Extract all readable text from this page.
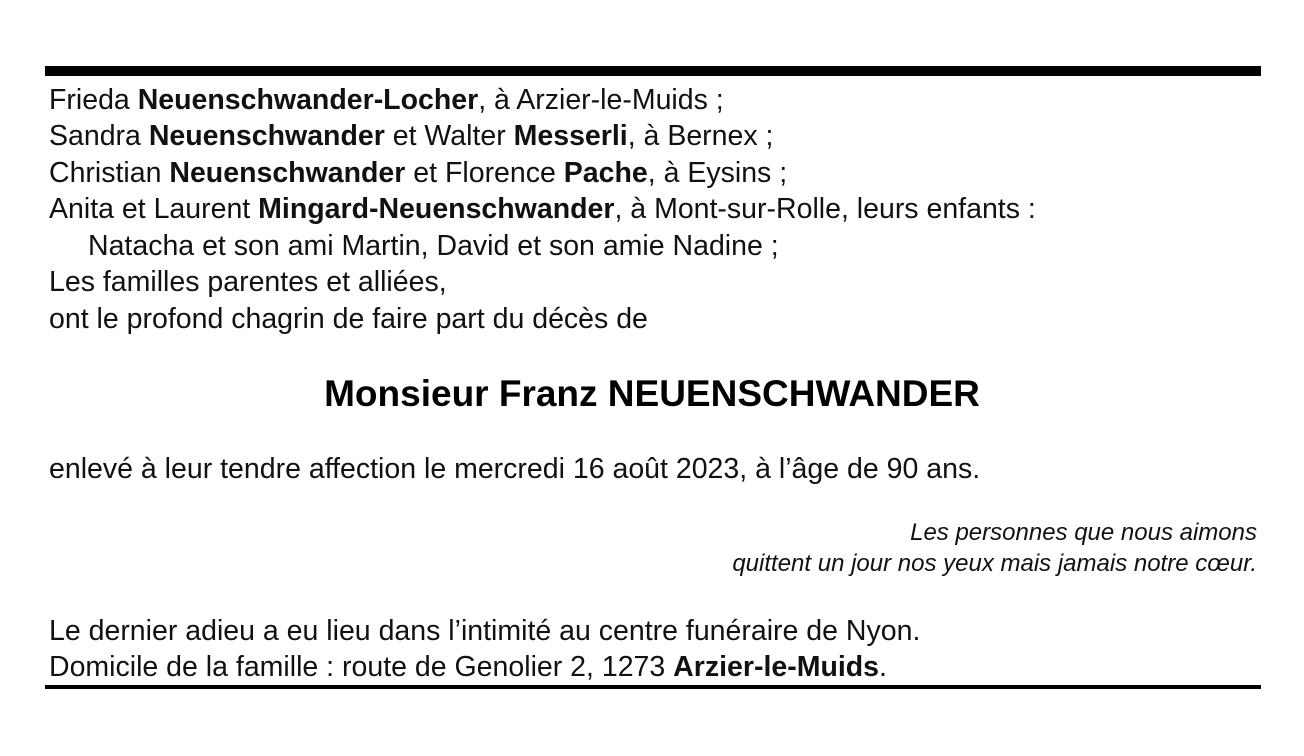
Frieda Neuenschwander-Locher, à Arzier-le-Muids ;
Sandra Neuenschwander et Walter Messerli, à Bernex ;
Christian Neuenschwander et Florence Pache, à Eysins ;
Anita et Laurent Mingard-Neuenschwander, à Mont-sur-Rolle, leurs enfants :
Natacha et son ami Martin, David et son amie Nadine ;
Les familles parentes et alliées,
ont le profond chagrin de faire part du décès de
Monsieur Franz NEUENSCHWANDER
enlevé à leur tendre affection le mercredi 16 août 2023, à l’âge de 90 ans.
Les personnes que nous aimons
quittent un jour nos yeux mais jamais notre cœur.
Le dernier adieu a eu lieu dans l’intimité au centre funéraire de Nyon.
Domicile de la famille : route de Genolier 2, 1273 Arzier-le-Muids.
